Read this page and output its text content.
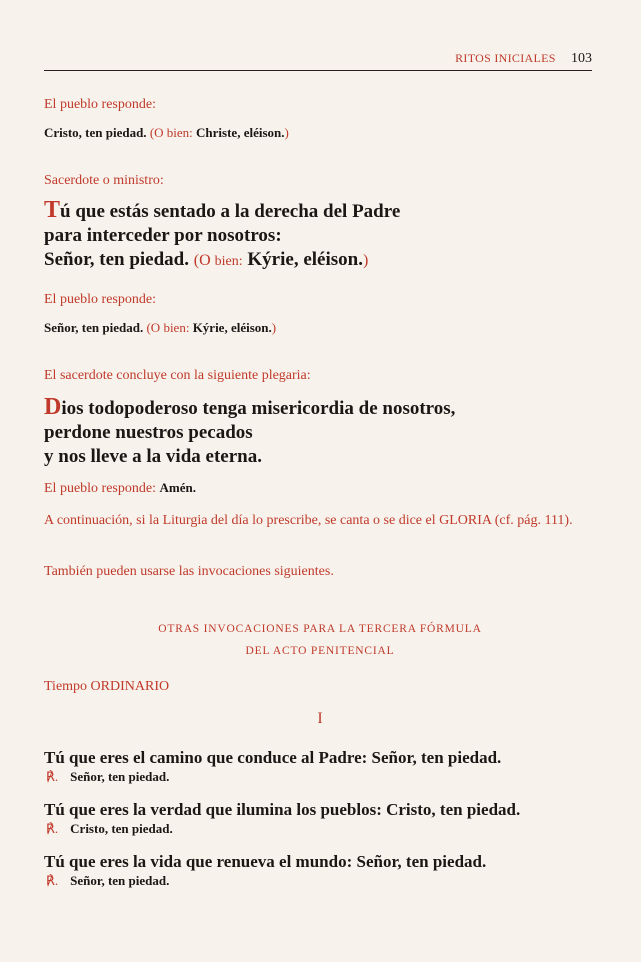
RITOS INICIALES 103
El pueblo responde:
Cristo, ten piedad. (O bien: Christe, eléison.)
Sacerdote o ministro:
Tú que estás sentado a la derecha del Padre
para interceder por nosotros:
Señor, ten piedad. (O bien: Kýrie, eléison.)
El pueblo responde:
Señor, ten piedad. (O bien: Kýrie, eléison.)
El sacerdote concluye con la siguiente plegaria:
Dios todopoderoso tenga misericordia de nosotros,
perdone nuestros pecados
y nos lleve a la vida eterna.
El pueblo responde: Amén.
A continuación, si la Liturgia del día lo prescribe, se canta o se dice el GLORIA (cf. pág. 111).
También pueden usarse las invocaciones siguientes.
OTRAS INVOCACIONES PARA LA TERCERA FÓRMULA
DEL ACTO PENITENCIAL
Tiempo ORDINARIO
I
Tú que eres el camino que conduce al Padre: Señor, ten piedad.
℟. Señor, ten piedad.
Tú que eres la verdad que ilumina los pueblos: Cristo, ten piedad.
℟. Cristo, ten piedad.
Tú que eres la vida que renueva el mundo: Señor, ten piedad.
℟. Señor, ten piedad.
